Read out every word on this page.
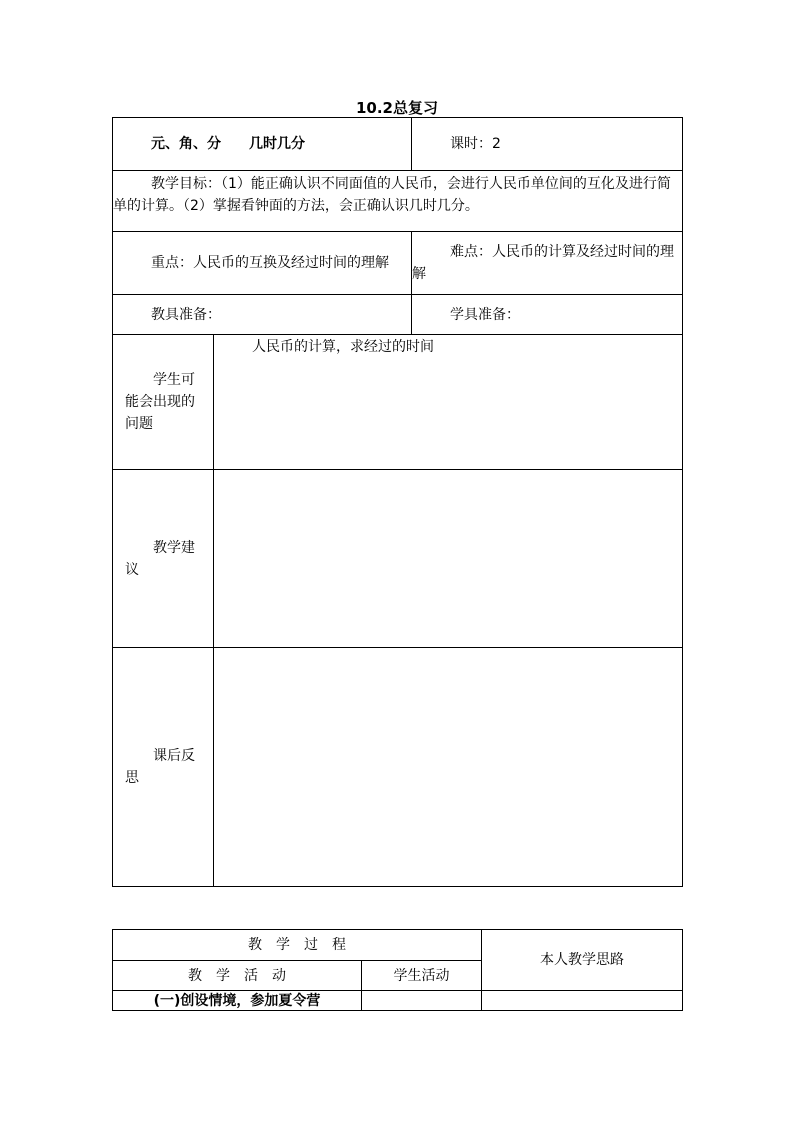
10.2总复习
元、角、分　　几时几分		课时：2
教学目标：（1）能正确认识不同面值的人民币，会进行人民币单位间的互化及进行简单的计算。（2）掌握看钟面的方法，会正确认识几时几分。		
重点：人民币的互换及经过时间的理解		难点：人民币的计算及经过时间的理解
教具准备：		学具准备：
学生可能会出现的问题	人民币的计算，求经过的时间	
教学建议		
课后反思		
教　学　过　程		本人教学思路
教　学　活　动	学生活动	
(一)创设情境，参加夏令营		
